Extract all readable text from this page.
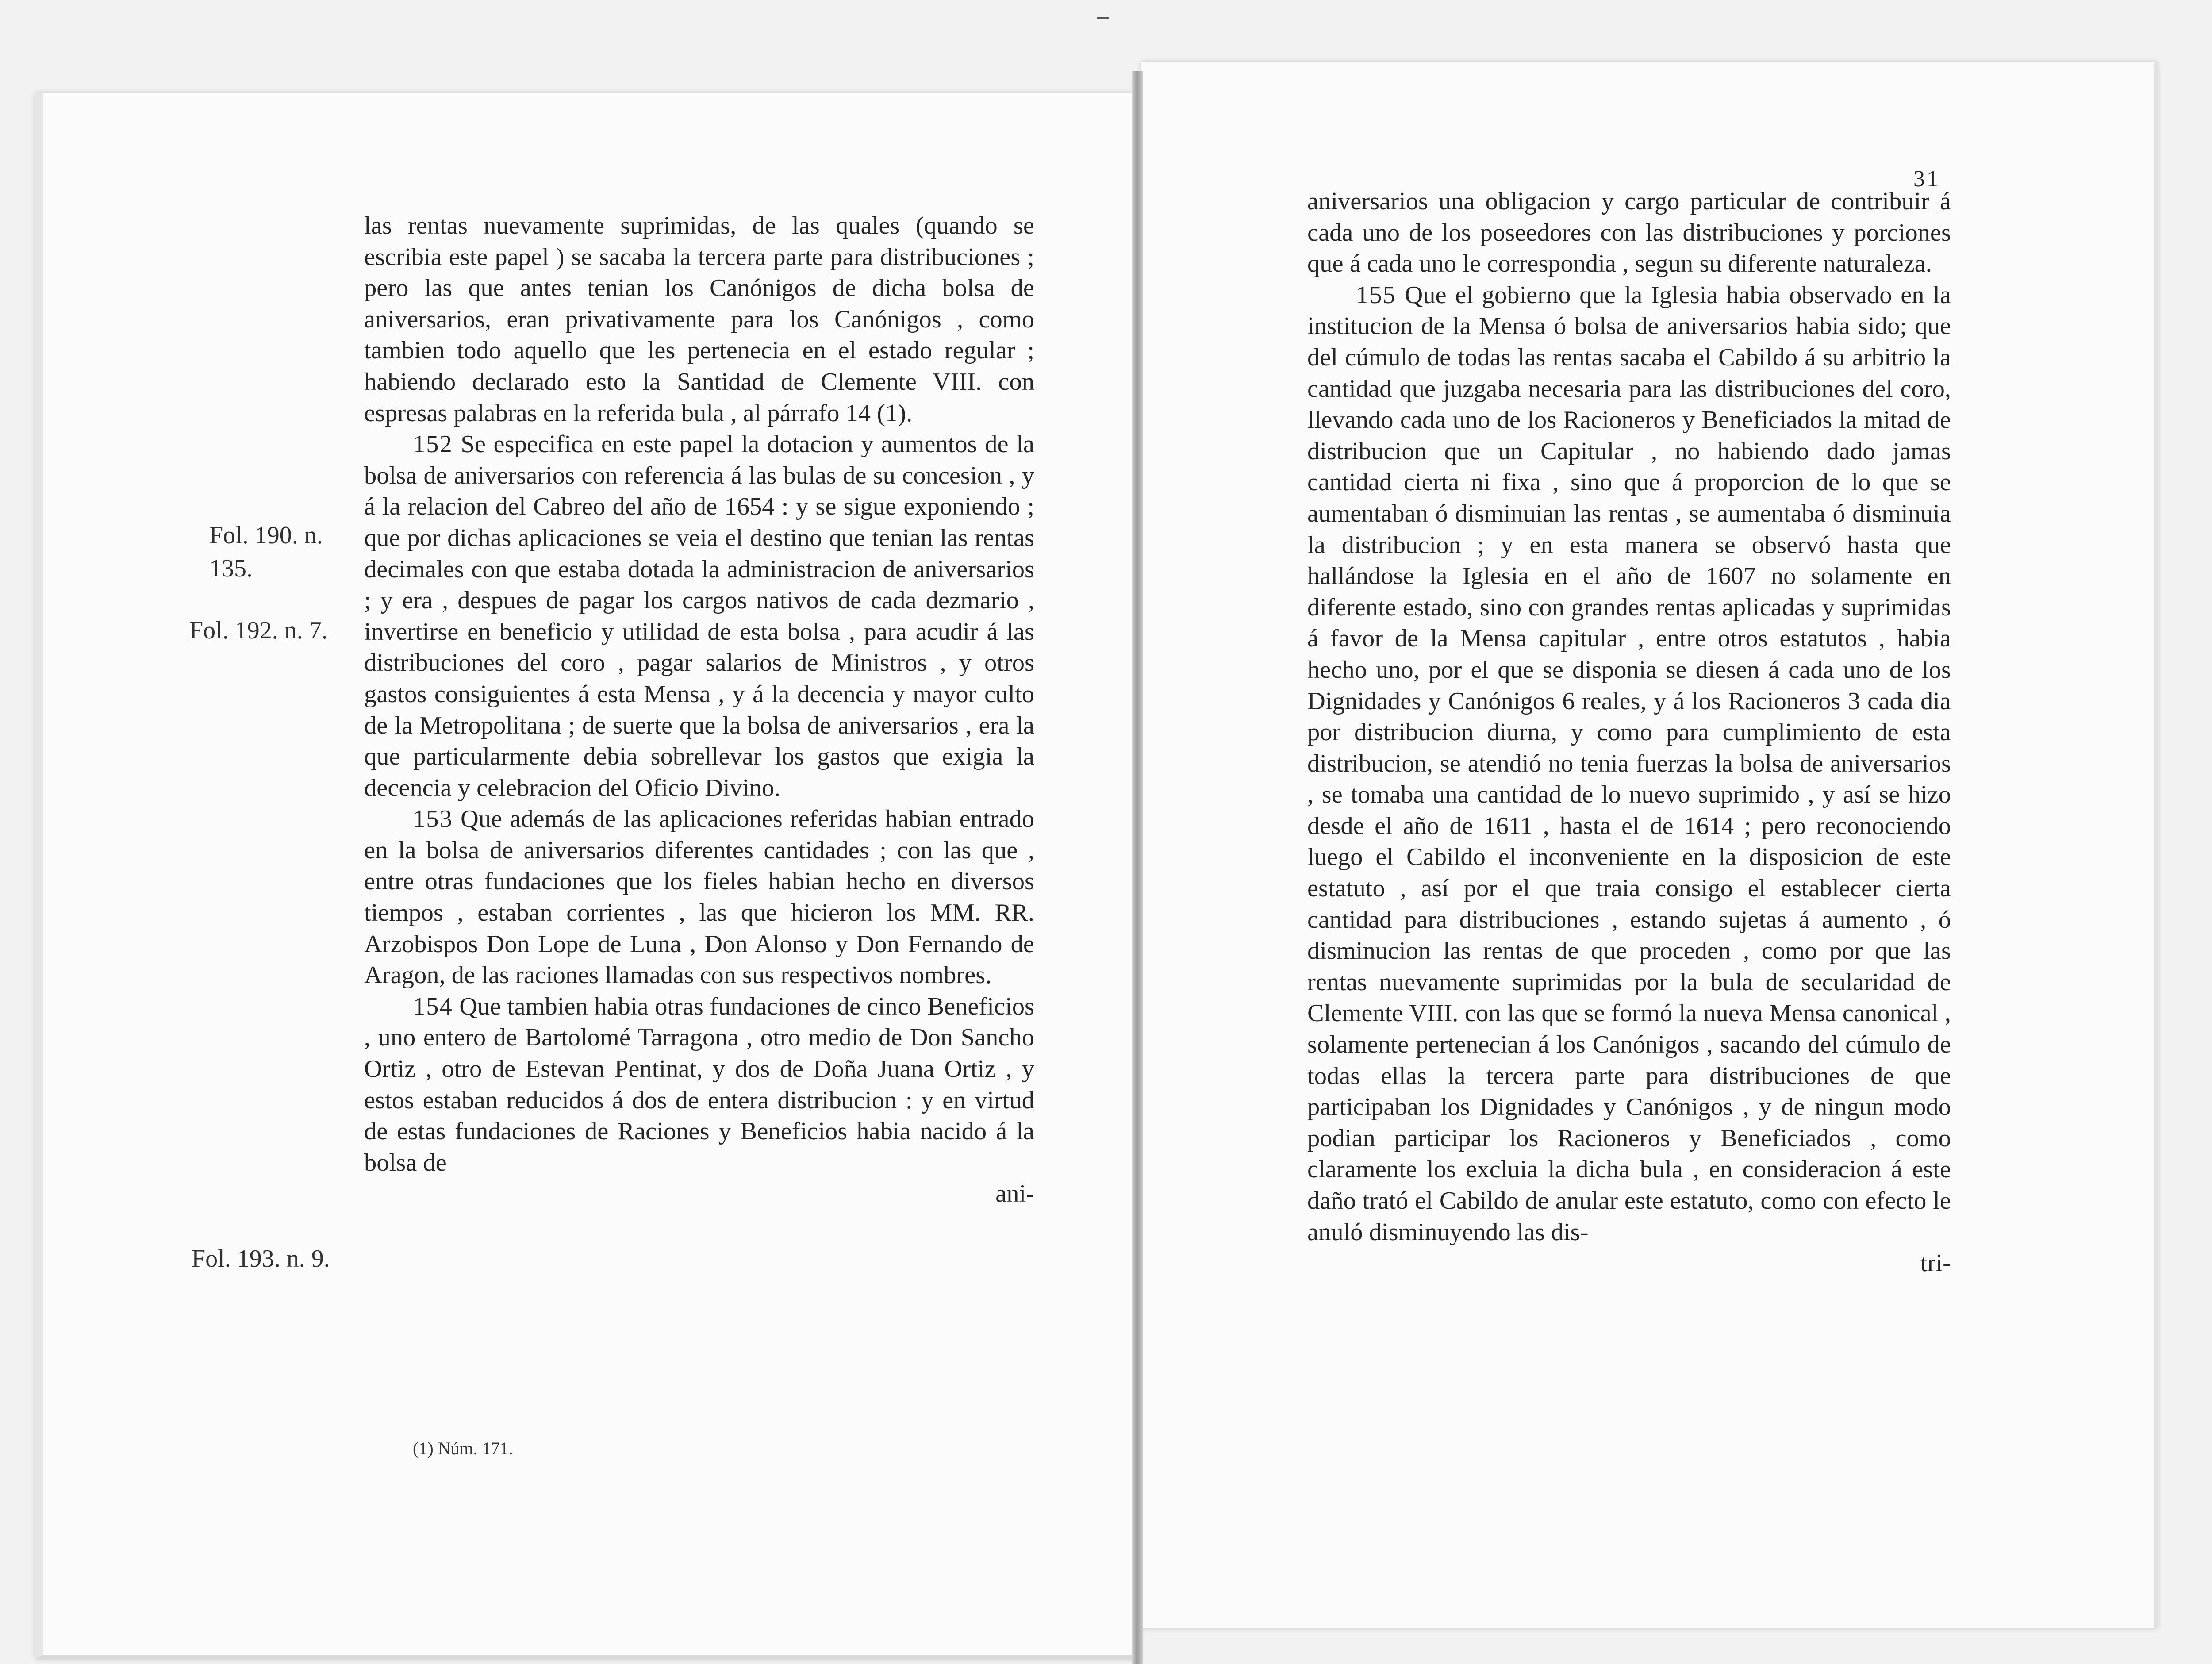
Fol. 190. n.
135.
Fol. 192. n. 7.
Fol. 193. n. 9.

las rentas nuevamente suprimidas, de las quales (quando se escribia este papel ) se sacaba la tercera parte para distribuciones ; pero las que antes tenian los Canónigos de dicha bolsa de aniversarios, eran privativamente para los Canónigos , como tambien todo aquello que les pertenecia en el estado regular ; habiendo declarado esto la Santidad de Clemente VIII. con espresas palabras en la referida bula , al párrafo 14 (1).

152 Se especifica en este papel la dotacion y aumentos de la bolsa de aniversarios con referencia á las bulas de su concesion , y á la relacion del Cabreo del año de 1654 : y se sigue exponiendo ; que por dichas aplicaciones se veia el destino que tenian las rentas decimales con que estaba dotada la administracion de aniversarios ; y era , despues de pagar los cargos nativos de cada dezmario , invertirse en beneficio y utilidad de esta bolsa , para acudir á las distribuciones del coro , pagar salarios de Ministros , y otros gastos consiguientes á esta Mensa , y á la decencia y mayor culto de la Metropolitana ; de suerte que la bolsa de aniversarios , era la que particularmente debia sobrellevar los gastos que exigia la decencia y celebracion del Oficio Divino.

153 Que además de las aplicaciones referidas habian entrado en la bolsa de aniversarios diferentes cantidades ; con las que , entre otras fundaciones que los fieles habian hecho en diversos tiempos , estaban corrientes , las que hicieron los MM. RR. Arzobispos Don Lope de Luna , Don Alonso y Don Fernando de Aragon, de las raciones llamadas con sus respectivos nombres.

154 Que tambien habia otras fundaciones de cinco Beneficios , uno entero de Bartolomé Tarragona , otro medio de Don Sancho Ortiz , otro de Estevan Pentinat, y dos de Doña Juana Ortiz , y estos estaban reducidos á dos de entera distribucion : y en virtud de estas fundaciones de Raciones y Beneficios habia nacido á la bolsa de

ani-
(1) Núm. 171.
31

aniversarios una obligacion y cargo particular de contribuir á cada uno de los poseedores con las distribuciones y porciones que á cada uno le correspondia , segun su diferente naturaleza.

155 Que el gobierno que la Iglesia habia observado en la institucion de la Mensa ó bolsa de aniversarios habia sido; que del cúmulo de todas las rentas sacaba el Cabildo á su arbitrio la cantidad que juzgaba necesaria para las distribuciones del coro, llevando cada uno de los Racioneros y Beneficiados la mitad de distribucion que un Capitular , no habiendo dado jamas cantidad cierta ni fixa , sino que á proporcion de lo que se aumentaban ó disminuian las rentas , se aumentaba ó disminuia la distribucion ; y en esta manera se observó hasta que hallándose la Iglesia en el año de 1607 no solamente en diferente estado, sino con grandes rentas aplicadas y suprimidas á favor de la Mensa capitular , entre otros estatutos , habia hecho uno, por el que se disponia se diesen á cada uno de los Dignidades y Canónigos 6 reales, y á los Racioneros 3 cada dia por distribucion diurna, y como para cumplimiento de esta distribucion, se atendió no tenia fuerzas la bolsa de aniversarios , se tomaba una cantidad de lo nuevo suprimido , y así se hizo desde el año de 1611 , hasta el de 1614 ; pero reconociendo luego el Cabildo el inconveniente en la disposicion de este estatuto , así por el que traia consigo el establecer cierta cantidad para distribuciones , estando sujetas á aumento , ó disminucion las rentas de que proceden , como por que las rentas nuevamente suprimidas por la bula de secularidad de Clemente VIII. con las que se formó la nueva Mensa canonical , solamente pertenecian á los Canónigos , sacando del cúmulo de todas ellas la tercera parte para distribuciones de que participaban los Dignidades y Canónigos , y de ningun modo podian participar los Racioneros y Beneficiados , como claramente los excluia la dicha bula , en consideracion á este daño trató el Cabildo de anular este estatuto, como con efecto le anuló disminuyendo las dis-

tri-
